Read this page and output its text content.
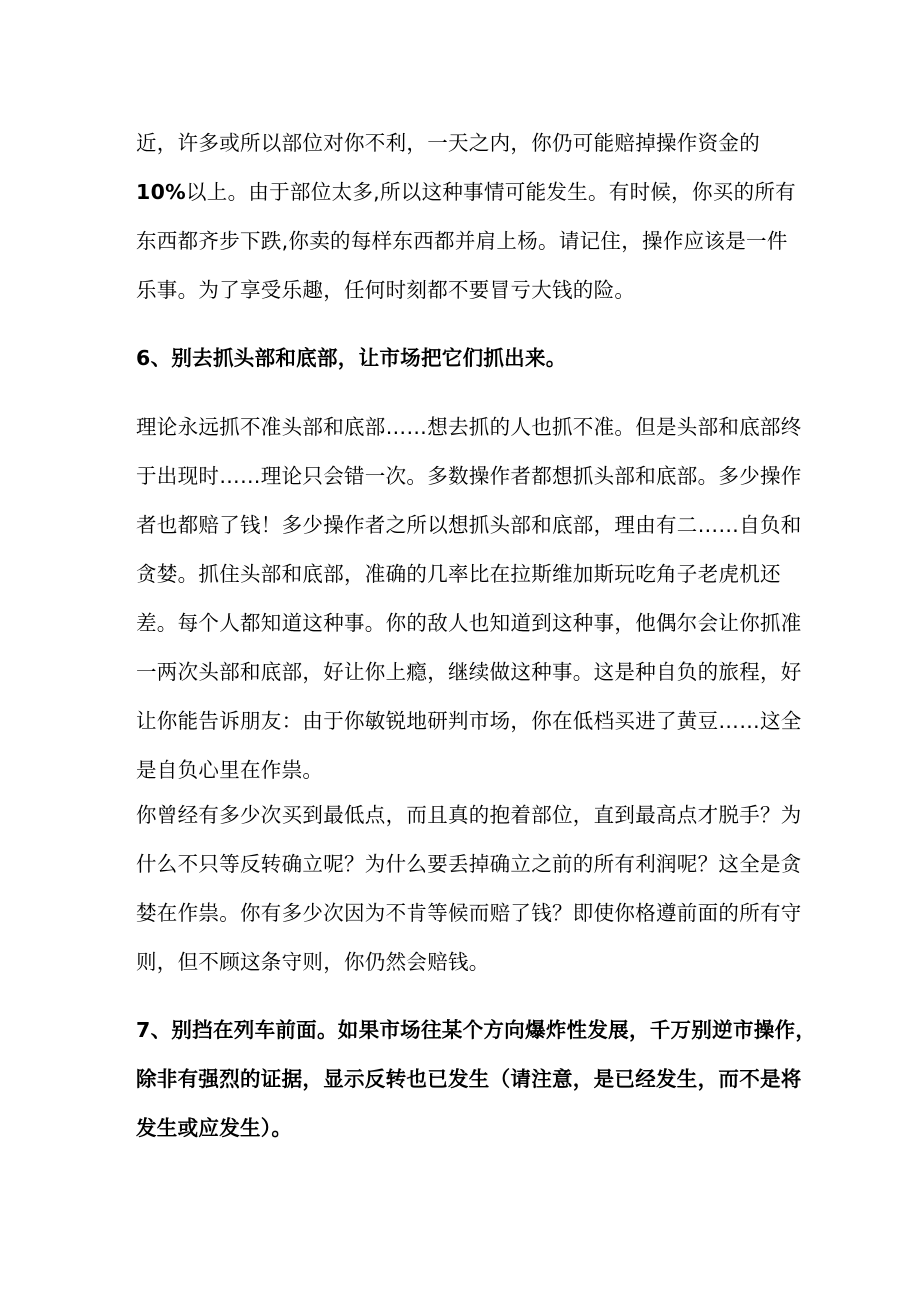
近，许多或所以部位对你不利，一天之内，你仍可能赔掉操作资金的
10%以上。由于部位太多,所以这种事情可能发生。有时候，你买的所有
东西都齐步下跌,你卖的每样东西都并肩上杨。请记住，操作应该是一件
乐事。为了享受乐趣，任何时刻都不要冒亏大钱的险。
6、别去抓头部和底部，让市场把它们抓出来。
理论永远抓不准头部和底部……想去抓的人也抓不准。但是头部和底部终
于出现时……理论只会错一次。多数操作者都想抓头部和底部。多少操作
者也都赔了钱！多少操作者之所以想抓头部和底部，理由有二……自负和
贪婪。抓住头部和底部，准确的几率比在拉斯维加斯玩吃角子老虎机还
差。每个人都知道这种事。你的敌人也知道到这种事，他偶尔会让你抓准
一两次头部和底部，好让你上瘾，继续做这种事。这是种自负的旅程，好
让你能告诉朋友：由于你敏锐地研判市场，你在低档买进了黄豆……这全
是自负心里在作祟。
你曾经有多少次买到最低点，而且真的抱着部位，直到最高点才脱手？为
什么不只等反转确立呢？为什么要丢掉确立之前的所有利润呢？这全是贪
婪在作祟。你有多少次因为不肯等候而赔了钱？即使你格遵前面的所有守
则，但不顾这条守则，你仍然会赔钱。
7、别挡在列车前面。如果市场往某个方向爆炸性发展，千万别逆市操作，
除非有强烈的证据，显示反转也已发生（请注意，是已经发生，而不是将
发生或应发生）。
